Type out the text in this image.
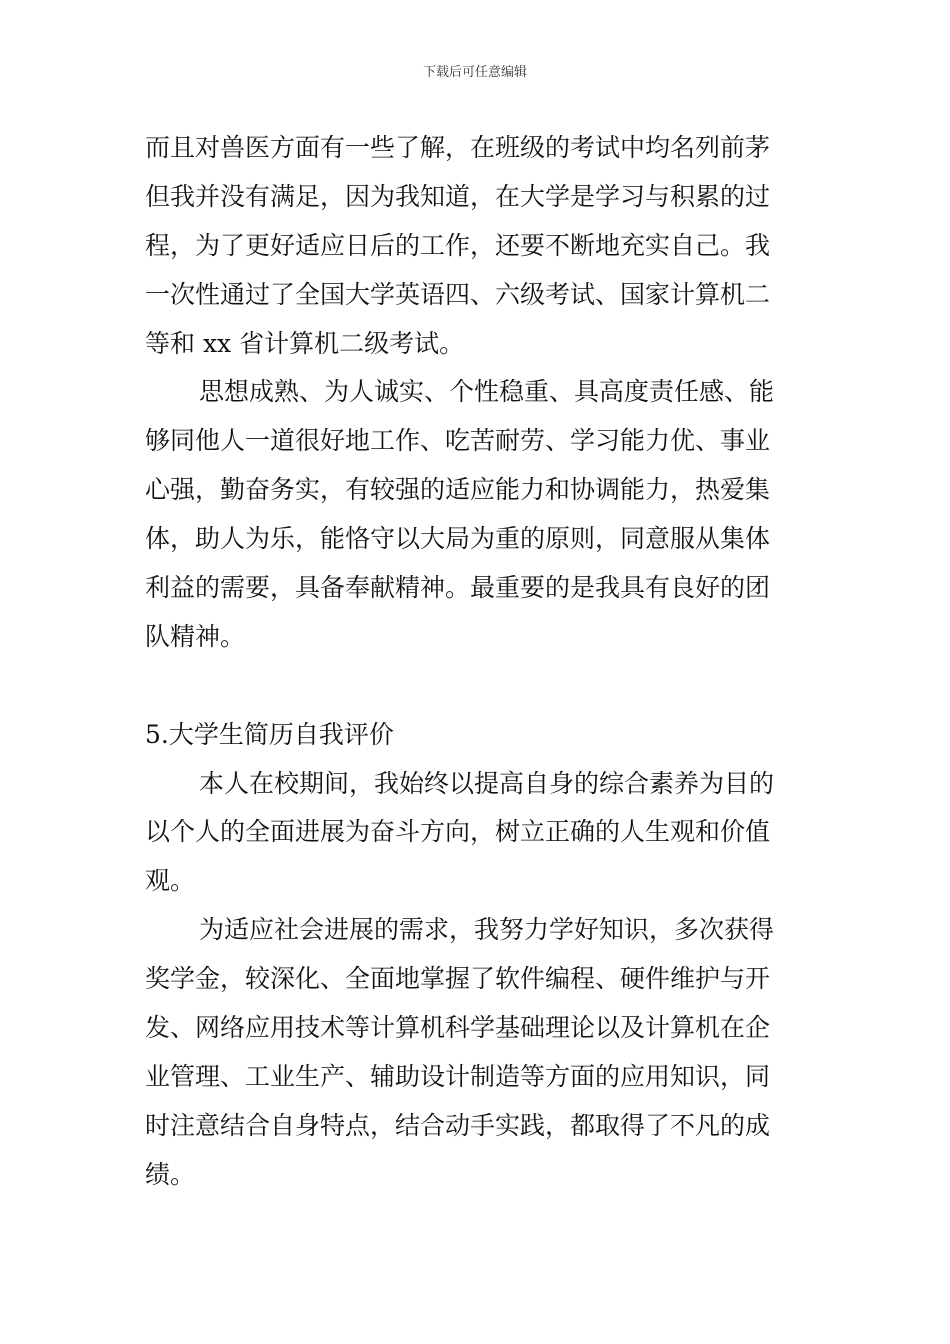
下载后可任意编辑
而且对兽医方面有一些了解，在班级的考试中均名列前茅
但我并没有满足，因为我知道，在大学是学习与积累的过
程，为了更好适应日后的工作，还要不断地充实自己。我
一次性通过了全国大学英语四、六级考试、国家计算机二
等和 xx 省计算机二级考试。
思想成熟、为人诚实、个性稳重、具高度责任感、能
够同他人一道很好地工作、吃苦耐劳、学习能力优、事业
心强，勤奋务实，有较强的适应能力和协调能力，热爱集
体，助人为乐，能恪守以大局为重的原则，同意服从集体
利益的需要，具备奉献精神。最重要的是我具有良好的团
队精神。
5.大学生简历自我评价
本人在校期间，我始终以提高自身的综合素养为目的
以个人的全面进展为奋斗方向，树立正确的人生观和价值
观。
为适应社会进展的需求，我努力学好知识，多次获得
奖学金，较深化、全面地掌握了软件编程、硬件维护与开
发、网络应用技术等计算机科学基础理论以及计算机在企
业管理、工业生产、辅助设计制造等方面的应用知识，同
时注意结合自身特点，结合动手实践，都取得了不凡的成
绩。
